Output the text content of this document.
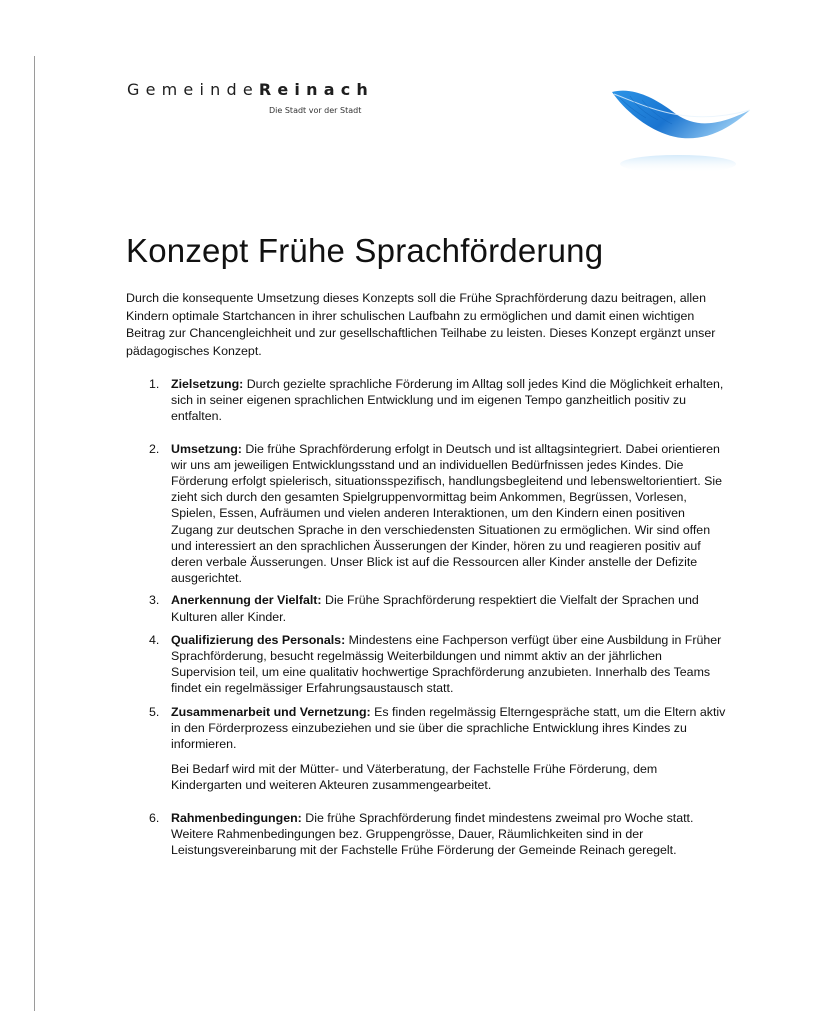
GemeindeReinach
Die Stadt vor der Stadt
Konzept Frühe Sprachförderung

Durch die konsequente Umsetzung dieses Konzepts soll die Frühe Sprachförderung dazu beitragen, allen Kindern optimale Startchancen in ihrer schulischen Laufbahn zu ermöglichen und damit einen wichtigen Beitrag zur Chancengleichheit und zur gesellschaftlichen Teilhabe zu leisten. Dieses Konzept ergänzt unser pädagogisches Konzept.

1. Zielsetzung: Durch gezielte sprachliche Förderung im Alltag soll jedes Kind die Möglichkeit erhalten, sich in seiner eigenen sprachlichen Entwicklung und im eigenen Tempo ganzheitlich positiv zu entfalten.

2. Umsetzung: Die frühe Sprachförderung erfolgt in Deutsch und ist alltagsintegriert. Dabei orientieren wir uns am jeweiligen Entwicklungsstand und an individuellen Bedürfnissen jedes Kindes. Die Förderung erfolgt spielerisch, situationsspezifisch, handlungsbegleitend und lebensweltorientiert. Sie zieht sich durch den gesamten Spielgruppenvormittag beim Ankommen, Begrüssen, Vorlesen, Spielen, Essen, Aufräumen und vielen anderen Interaktionen, um den Kindern einen positiven Zugang zur deutschen Sprache in den verschiedensten Situationen zu ermöglichen. Wir sind offen und interessiert an den sprachlichen Äusserungen der Kinder, hören zu und reagieren positiv auf deren verbale Äusserungen. Unser Blick ist auf die Ressourcen aller Kinder anstelle der Defizite ausgerichtet.

3. Anerkennung der Vielfalt: Die Frühe Sprachförderung respektiert die Vielfalt der Sprachen und Kulturen aller Kinder.

4. Qualifizierung des Personals: Mindestens eine Fachperson verfügt über eine Ausbildung in Früher Sprachförderung, besucht regelmässig Weiterbildungen und nimmt aktiv an der jährlichen Supervision teil, um eine qualitativ hochwertige Sprachförderung anzubieten. Innerhalb des Teams findet ein regelmässiger Erfahrungsaustausch statt.

5. Zusammenarbeit und Vernetzung: Es finden regelmässig Elterngespräche statt, um die Eltern aktiv in den Förderprozess einzubeziehen und sie über die sprachliche Entwicklung ihres Kindes zu informieren.

Bei Bedarf wird mit der Mütter- und Väterberatung, der Fachstelle Frühe Förderung, dem Kindergarten und weiteren Akteuren zusammengearbeitet.

6. Rahmenbedingungen: Die frühe Sprachförderung findet mindestens zweimal pro Woche statt. Weitere Rahmenbedingungen bez. Gruppengrösse, Dauer, Räumlichkeiten sind in der Leistungsvereinbarung mit der Fachstelle Frühe Förderung der Gemeinde Reinach geregelt.
